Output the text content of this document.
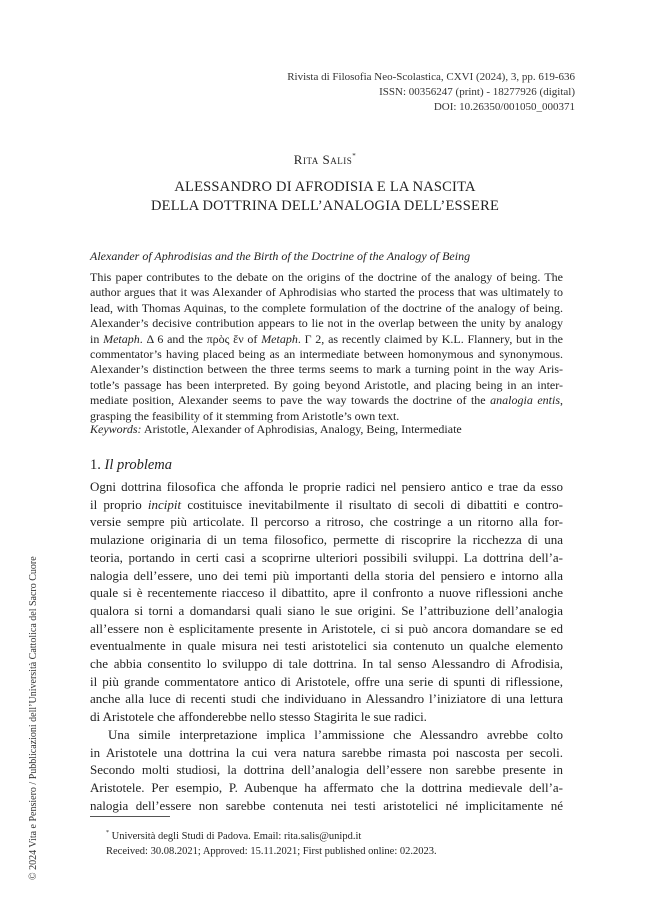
Rivista di Filosofia Neo-Scolastica, CXVI (2024), 3, pp. 619-636
ISSN: 00356247 (print) - 18277926 (digital)
DOI: 10.26350/001050_000371
Rita Salis*
ALESSANDRO DI AFRODISIA E LA NASCITA
DELLA DOTTRINA DELL’ANALOGIA DELL’ESSERE
Alexander of Aphrodisias and the Birth of the Doctrine of the Analogy of Being
This paper contributes to the debate on the origins of the doctrine of the analogy of being. The
author argues that it was Alexander of Aphrodisias who started the process that was ultimately to
lead, with Thomas Aquinas, to the complete formulation of the doctrine of the analogy of being.
Alexander’s decisive contribution appears to lie not in the overlap between the unity by analogy
in Metaph. Δ 6 and the πρὸς ἕν of Metaph. Γ 2, as recently claimed by K.L. Flannery, but in the
commentator’s having placed being as an intermediate between homonymous and synonymous.
Alexander’s distinction between the three terms seems to mark a turning point in the way Aris-
totle’s passage has been interpreted. By going beyond Aristotle, and placing being in an inter-
mediate position, Alexander seems to pave the way towards the doctrine of the analogia entis,
grasping the feasibility of it stemming from Aristotle’s own text.
Keywords: Aristotle, Alexander of Aphrodisias, Analogy, Being, Intermediate
1. Il problema
Ogni dottrina filosofica che affonda le proprie radici nel pensiero antico e trae da esso
il proprio incipit costituisce inevitabilmente il risultato di secoli di dibattiti e contro-
versie sempre più articolate. Il percorso a ritroso, che costringe a un ritorno alla for-
mulazione originaria di un tema filosofico, permette di riscoprire la ricchezza di una
teoria, portando in certi casi a scoprirne ulteriori possibili sviluppi. La dottrina dell’a-
nalogia dell’essere, uno dei temi più importanti della storia del pensiero e intorno alla
quale si è recentemente riacceso il dibattito, apre il confronto a nuove riflessioni anche
qualora si torni a domandarsi quali siano le sue origini. Se l’attribuzione dell’analogia
all’essere non è esplicitamente presente in Aristotele, ci si può ancora domandare se ed
eventualmente in quale misura nei testi aristotelici sia contenuto un qualche elemento
che abbia consentito lo sviluppo di tale dottrina. In tal senso Alessandro di Afrodisia,
il più grande commentatore antico di Aristotele, offre una serie di spunti di riflessione,
anche alla luce di recenti studi che individuano in Alessandro l’iniziatore di una lettura
di Aristotele che affonderebbe nello stesso Stagirita le sue radici.
Una simile interpretazione implica l’ammissione che Alessandro avrebbe colto
in Aristotele una dottrina la cui vera natura sarebbe rimasta poi nascosta per secoli.
Secondo molti studiosi, la dottrina dell’analogia dell’essere non sarebbe presente in
Aristotele. Per esempio, P. Aubenque ha affermato che la dottrina medievale dell’a-
nalogia dell’essere non sarebbe contenuta nei testi aristotelici né implicitamente né
* Università degli Studi di Padova. Email: rita.salis@unipd.it
Received: 30.08.2021; Approved: 15.11.2021; First published online: 02.2023.
© 2024 Vita e Pensiero / Pubblicazioni dell’Università Cattolica del Sacro Cuore
